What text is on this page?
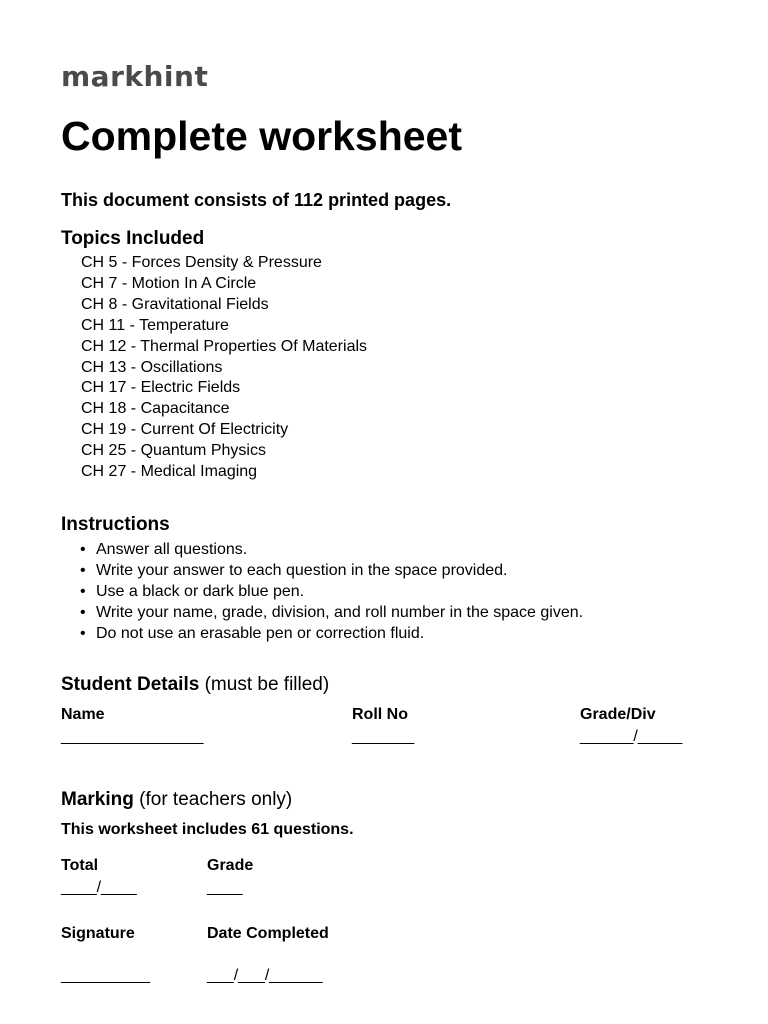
markhint
Complete worksheet
This document consists of 112 printed pages.
Topics Included
CH 5 - Forces Density & Pressure
CH 7 - Motion In A Circle
CH 8 - Gravitational Fields
CH 11 - Temperature
CH 12 - Thermal Properties Of Materials
CH 13 - Oscillations
CH 17 - Electric Fields
CH 18 - Capacitance
CH 19 - Current Of Electricity
CH 25 - Quantum Physics
CH 27 - Medical Imaging
Instructions
• Answer all questions.
• Write your answer to each question in the space provided.
• Use a black or dark blue pen.
• Write your name, grade, division, and roll number in the space given.
• Do not use an erasable pen or correction fluid.
Student Details (must be filled)
Name
________________
Roll No
_______
Grade/Div
______/_____
Marking (for teachers only)
This worksheet includes 61 questions.
Total
____/____
Grade
____
Signature
__________
Date Completed
___/___/______
